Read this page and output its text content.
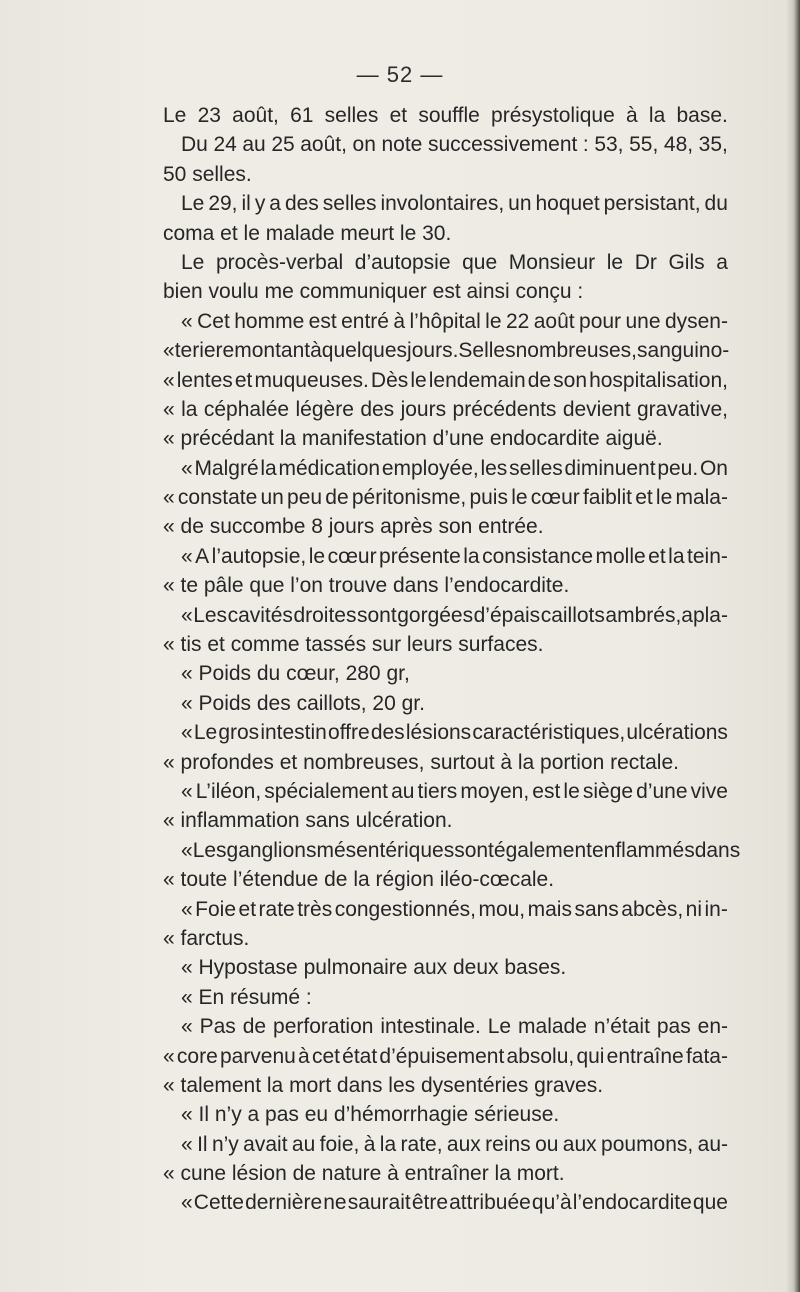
— 52 —
Le 23 août, 61 selles et souffle présystolique à la base.
Du 24 au 25 août, on note successivement : 53, 55, 48, 35,
50 selles.
Le 29, il y a des selles involontaires, un hoquet persistant, du
coma et le malade meurt le 30.
Le procès-verbal d’autopsie que Monsieur le Dr Gils a
bien voulu me communiquer est ainsi conçu :
« Cet homme est entré à l’hôpital le 22 août pour une dysen-
« terie remontant à quelques jours. Selles nombreuses, sanguino-
« lentes et muqueuses. Dès le lendemain de son hospitalisation,
« la céphalée légère des jours précédents devient gravative,
« précédant la manifestation d’une endocardite aiguë.
« Malgré la médication employée, les selles diminuent peu. On
« constate un peu de péritonisme, puis le cœur faiblit et le mala-
« de succombe 8 jours après son entrée.
« A l’autopsie, le cœur présente la consistance molle et la tein-
« te pâle que l’on trouve dans l’endocardite.
« Les cavités droites sont gorgées d’épais caillots ambrés,apla-
« tis et comme tassés sur leurs surfaces.
« Poids du cœur, 280 gr,
« Poids des caillots, 20 gr.
« Le gros intestin offre des lésions caractéristiques, ulcérations
« profondes et nombreuses, surtout à la portion rectale.
« L’iléon, spécialement au tiers moyen, est le siège d’une vive
« inflammation sans ulcération.
« Les ganglions mésentériques sont également enflammés dans
« toute l’étendue de la région iléo-cœcale.
« Foie et rate très congestionnés, mou, mais sans abcès, ni in-
« farctus.
« Hypostase pulmonaire aux deux bases.
« En résumé :
« Pas de perforation intestinale. Le malade n’était pas en-
« core parvenu à cet état d’épuisement absolu, qui entraîne fata-
« talement la mort dans les dysentéries graves.
« Il n’y a pas eu d’hémorrhagie sérieuse.
« Il n’y avait au foie, à la rate, aux reins ou aux poumons, au-
« cune lésion de nature à entraîner la mort.
« Cette dernière ne saurait être attribuée qu’à l’endocardite que
